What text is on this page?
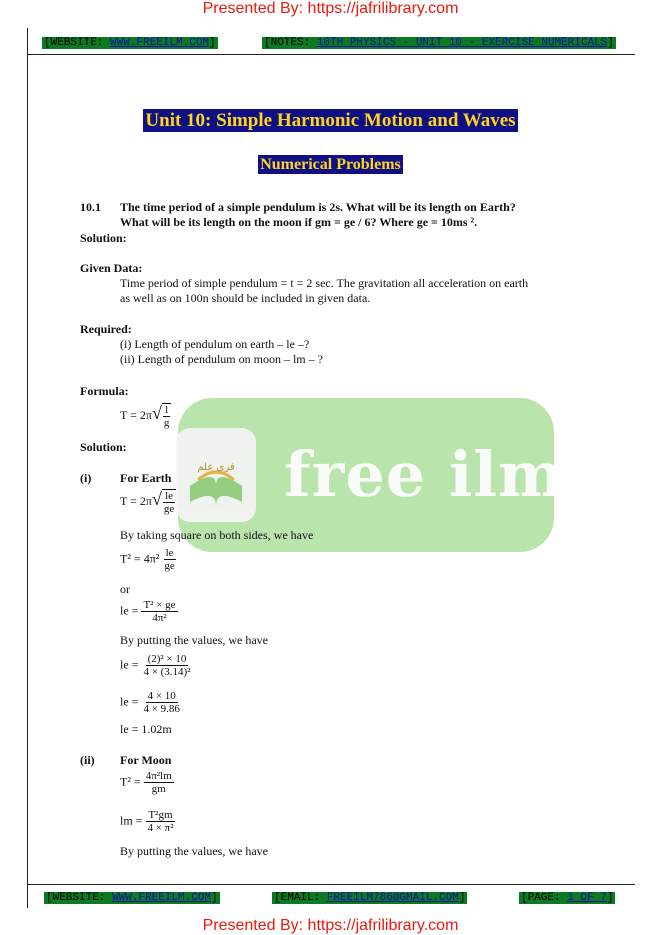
Presented By: https://jafrilibrary.com
[WEBSITE: WWW.FREEILM.COM]	[NOTES: 10TH PHYSICS - UNIT 10 - EXERCISE NUMERICALS]
فری علم free ilm.
Unit 10: Simple Harmonic Motion and Waves
Numerical Problems
10.1 The time period of a simple pendulum is 2s. What will be its length on Earth?
What will be its length on the moon if gm = ge / 6? Where ge = 10ms ².
Solution:
Given Data:
Time period of simple pendulum = t = 2 sec. The gravitation all acceleration on earth
as well as on 100n should be included in given data.
Required:
(i) Length of pendulum on earth – le –?
(ii) Length of pendulum on moon – lm – ?
Formula:
$T = 2\pi√ \frac{l}{g}$
Solution:
(i) For Earth
$T = 2\pi√ \frac{le}{ge}$
By taking square on both sides, we have
$T^2 = 4\pi^2 \frac{le}{ge}$
or
le = $\frac{\text{T² × ge}}{\text{4π²}}$
By putting the values, we have
le = $\frac{\text{(2)² × 10}}{\text{4 × (3.14)²}}$
le = $\frac{4 \times 10}{4 \times 9.86}$
le = 1.02m
(ii) For Moon
$T^2 = \frac{\text{4π²lm}}{gm}$
lm = $\frac{\text{T²gm}}{\text{4 × π²}}$
By putting the values, we have
[WEBSITE: WWW.FREEILM.COM]	[EMAIL: FREEILM786@GMAIL.COM]	[PAGE: 1 OF 7]
Presented By: https://jafrilibrary.com
